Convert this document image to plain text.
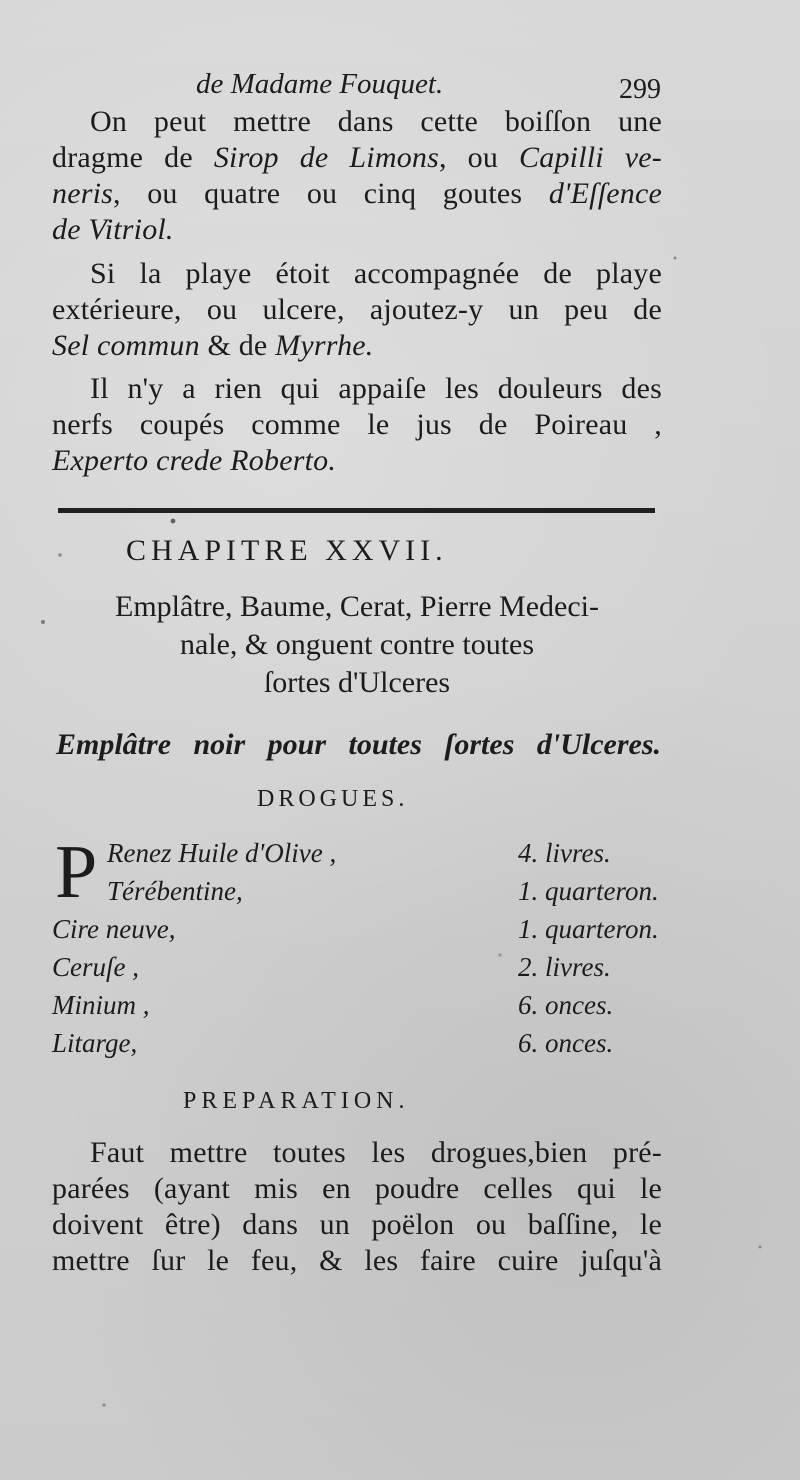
de Madame Fouquet.	299
On peut mettre dans cette boiſſon une
dragme de Sirop de Limons, ou Capilli ve-
neris, ou quatre ou cinq goutes d'Eſſence
de Vitriol.
Si la playe étoit accompagnée de playe
extérieure, ou ulcere, ajoutez-y un peu de
Sel commun & de Myrrhe.
Il n'y a rien qui appaiſe les douleurs des
nerfs coupés comme le jus de Poireau ,
Experto crede Roberto.
CHAPITRE XXVII.
Emplâtre, Baume, Cerat, Pierre Medeci-
nale, & onguent contre toutes
ſortes d'Ulceres
Emplâtre noir pour toutes ſortes d'Ulceres.
DROGUES.
P Renez Huile d'Olive ,	4. livres.
Térébentine,	1. quarteron.
Cire neuve,	1. quarteron.
Ceruſe ,	2. livres.
Minium ,	6. onces.
Litarge,	6. onces.
PREPARATION.
Faut mettre toutes les drogues,bien pré-
parées (ayant mis en poudre celles qui le
doivent être) dans un poëlon ou baſſine, le
mettre ſur le feu, & les faire cuire juſqu'à
